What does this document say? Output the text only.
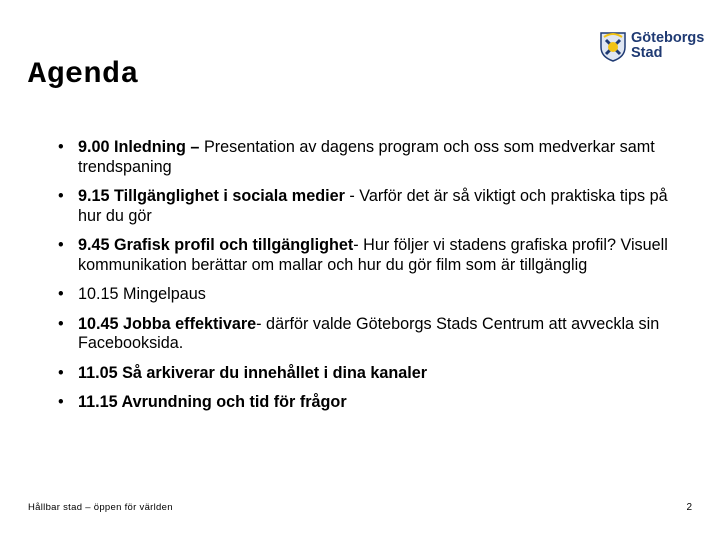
Göteborgs
Stad
Agenda
• 9.00 Inledning – Presentation av dagens program och oss som medverkar samt trendspaning
• 9.15 Tillgänglighet i sociala medier - Varför det är så viktigt och praktiska tips på hur du gör
• 9.45 Grafisk profil och tillgänglighet- Hur följer vi stadens grafiska profil? Visuell kommunikation berättar om mallar och hur du gör film som är tillgänglig
• 10.15 Mingelpaus
• 10.45 Jobba effektivare- därför valde Göteborgs Stads Centrum att avveckla sin Facebooksida.
• 11.05 Så arkiverar du innehållet i dina kanaler
• 11.15 Avrundning och tid för frågor
Hållbar stad – öppen för världen	2
